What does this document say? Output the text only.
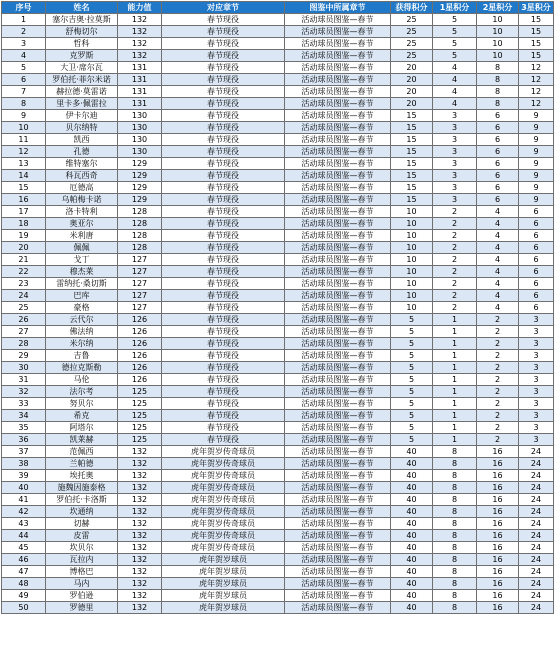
序号	姓名	能力值	对应章节	图鉴中所属章节	获得积分	1星积分	2星积分	3星积分
1	塞尔吉奥·拉莫斯	132	春节现役	活动球员图鉴—春节	25	5	10	15
2	舒梅切尔	132	春节现役	活动球员图鉴—春节	25	5	10	15
3	哲科	132	春节现役	活动球员图鉴—春节	25	5	10	15
4	克罗斯	132	春节现役	活动球员图鉴—春节	25	5	10	15
5	大卫·席尔瓦	131	春节现役	活动球员图鉴—春节	20	4	8	12
6	罗伯托·菲尔米诺	131	春节现役	活动球员图鉴—春节	20	4	8	12
7	赫拉德·莫雷诺	131	春节现役	活动球员图鉴—春节	20	4	8	12
8	里卡多·佩雷拉	131	春节现役	活动球员图鉴—春节	20	4	8	12
9	伊卡尔迪	130	春节现役	活动球员图鉴—春节	15	3	6	9
10	贝尔纳特	130	春节现役	活动球员图鉴—春节	15	3	6	9
11	凯西	130	春节现役	活动球员图鉴—春节	15	3	6	9
12	孔德	130	春节现役	活动球员图鉴—春节	15	3	6	9
13	维特塞尔	129	春节现役	活动球员图鉴—春节	15	3	6	9
14	科瓦西奇	129	春节现役	活动球员图鉴—春节	15	3	6	9
15	厄德高	129	春节现役	活动球员图鉴—春节	15	3	6	9
16	乌帕梅卡诺	129	春节现役	活动球员图鉴—春节	15	3	6	9
17	洛卡特利	128	春节现役	活动球员图鉴—春节	10	2	4	6
18	奥亚尔	128	春节现役	活动球员图鉴—春节	10	2	4	6
19	米利唐	128	春节现役	活动球员图鉴—春节	10	2	4	6
20	佩佩	128	春节现役	活动球员图鉴—春节	10	2	4	6
21	戈丁	127	春节现役	活动球员图鉴—春节	10	2	4	6
22	穆杰莱	127	春节现役	活动球员图鉴—春节	10	2	4	6
23	雷纳托·桑切斯	127	春节现役	活动球员图鉴—春节	10	2	4	6
24	巴库	127	春节现役	活动球员图鉴—春节	10	2	4	6
25	豪格	127	春节现役	活动球员图鉴—春节	10	2	4	6
26	云代尔	126	春节现役	活动球员图鉴—春节	5	1	2	3
27	佛法纳	126	春节现役	活动球员图鉴—春节	5	1	2	3
28	米尔纳	126	春节现役	活动球员图鉴—春节	5	1	2	3
29	吉鲁	126	春节现役	活动球员图鉴—春节	5	1	2	3
30	德拉克斯勒	126	春节现役	活动球员图鉴—春节	5	1	2	3
31	马伦	126	春节现役	活动球员图鉴—春节	5	1	2	3
32	法尔考	125	春节现役	活动球员图鉴—春节	5	1	2	3
33	努贝尔	125	春节现役	活动球员图鉴—春节	5	1	2	3
34	希克	125	春节现役	活动球员图鉴—春节	5	1	2	3
35	阿塔尔	125	春节现役	活动球员图鉴—春节	5	1	2	3
36	凯莱赫	125	春节现役	活动球员图鉴—春节	5	1	2	3
37	范佩西	132	虎年贺岁传奇球员	活动球员图鉴—春节	40	8	16	24
38	兰帕德	132	虎年贺岁传奇球员	活动球员图鉴—春节	40	8	16	24
39	埃托奥	132	虎年贺岁传奇球员	活动球员图鉴—春节	40	8	16	24
40	施魏因施泰格	132	虎年贺岁传奇球员	活动球员图鉴—春节	40	8	16	24
41	罗伯托·卡洛斯	132	虎年贺岁传奇球员	活动球员图鉴—春节	40	8	16	24
42	坎通纳	132	虎年贺岁传奇球员	活动球员图鉴—春节	40	8	16	24
43	切赫	132	虎年贺岁传奇球员	活动球员图鉴—春节	40	8	16	24
44	皮雷	132	虎年贺岁传奇球员	活动球员图鉴—春节	40	8	16	24
45	坎贝尔	132	虎年贺岁传奇球员	活动球员图鉴—春节	40	8	16	24
46	瓦拉内	132	虎年贺岁球员	活动球员图鉴—春节	40	8	16	24
47	博格巴	132	虎年贺岁球员	活动球员图鉴—春节	40	8	16	24
48	马内	132	虎年贺岁球员	活动球员图鉴—春节	40	8	16	24
49	罗伯逊	132	虎年贺岁球员	活动球员图鉴—春节	40	8	16	24
50	罗德里	132	虎年贺岁球员	活动球员图鉴—春节	40	8	16	24
